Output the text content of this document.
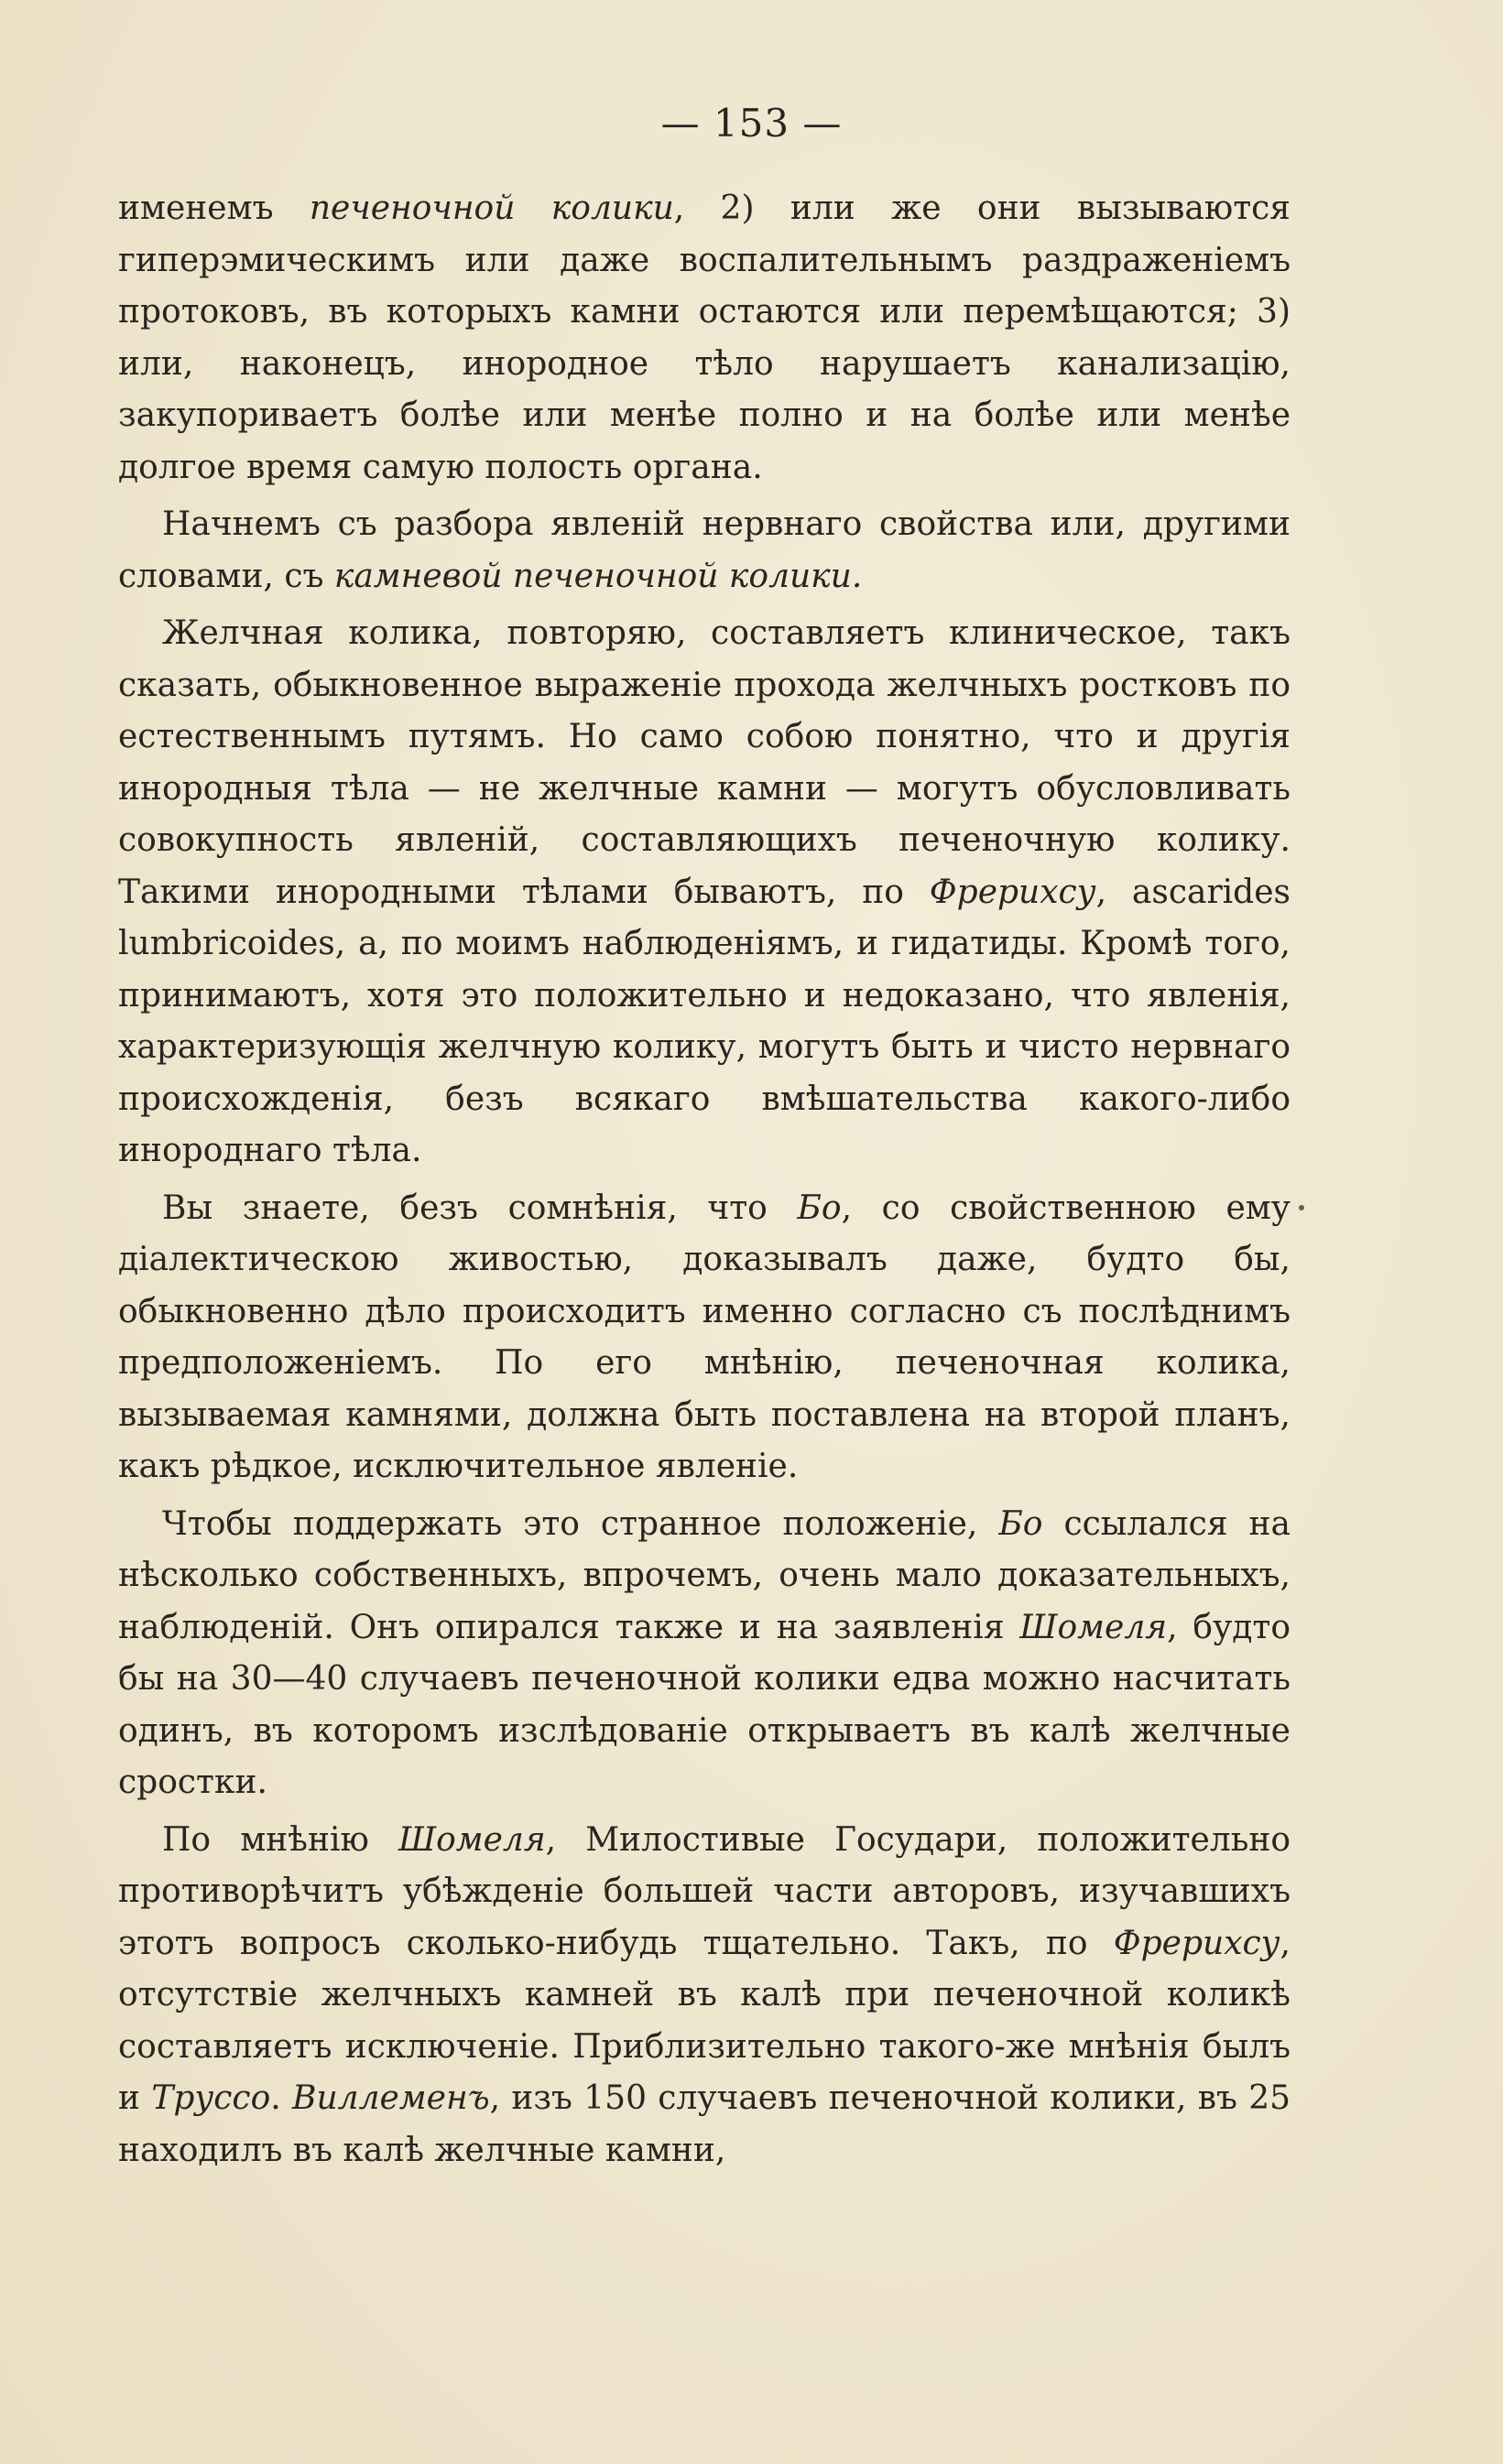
— 153 —

именемъ печеночной колики, 2) или же они вызываются гиперэмическимъ или даже воспалительнымъ раздраженіемъ протоковъ, въ которыхъ камни остаются или перемѣщаются; 3) или, наконецъ, инородное тѣло нарушаетъ канализацію, закупориваетъ болѣе или менѣе полно и на болѣе или менѣе долгое время самую полость органа.

Начнемъ съ разбора явленій нервнаго свойства или, другими словами, съ камневой печеночной колики.

Желчная колика, повторяю, составляетъ клиническое, такъ сказать, обыкновенное выраженіе прохода желчныхъ ростковъ по естественнымъ путямъ. Но само собою понятно, что и другія инородныя тѣла — не желчные камни — могутъ обусловливать совокупность явленій, составляющихъ печеночную колику. Такими инородными тѣлами бываютъ, по Фрерихсу, ascarides lumbricoides, а, по моимъ наблюденіямъ, и гидатиды. Кромѣ того, принимаютъ, хотя это положительно и недоказано, что явленія, характеризующія желчную колику, могутъ быть и чисто нервнаго происхожденія, безъ всякаго вмѣшательства какого-либо инороднаго тѣла.

Вы знаете, безъ сомнѣнія, что Бо, со свойственною ему діалектическою живостью, доказывалъ даже, будто бы, обыкновенно дѣло происходитъ именно согласно съ послѣднимъ предположеніемъ. По его мнѣнію, печеночная колика, вызываемая камнями, должна быть поставлена на второй планъ, какъ рѣдкое, исключительное явленіе.

Чтобы поддержать это странное положеніе, Бо ссылался на нѣсколько собственныхъ, впрочемъ, очень мало доказательныхъ, наблюденій. Онъ опирался также и на заявленія Шомеля, будто бы на 30—40 случаевъ печеночной колики едва можно насчитать одинъ, въ которомъ изслѣдованіе открываетъ въ калѣ желчные сростки.

По мнѣнію Шомеля, Милостивые Государи, положительно противорѣчитъ убѣжденіе большей части авторовъ, изучавшихъ этотъ вопросъ сколько-нибудь тщательно. Такъ, по Фрерихсу, отсутствіе желчныхъ камней въ калѣ при печеночной коликѣ составляетъ исключеніе. Приблизительно такого-же мнѣнія былъ и Труссо. Виллеменъ, изъ 150 случаевъ печеночной колики, въ 25 находилъ въ калѣ желчные камни,
